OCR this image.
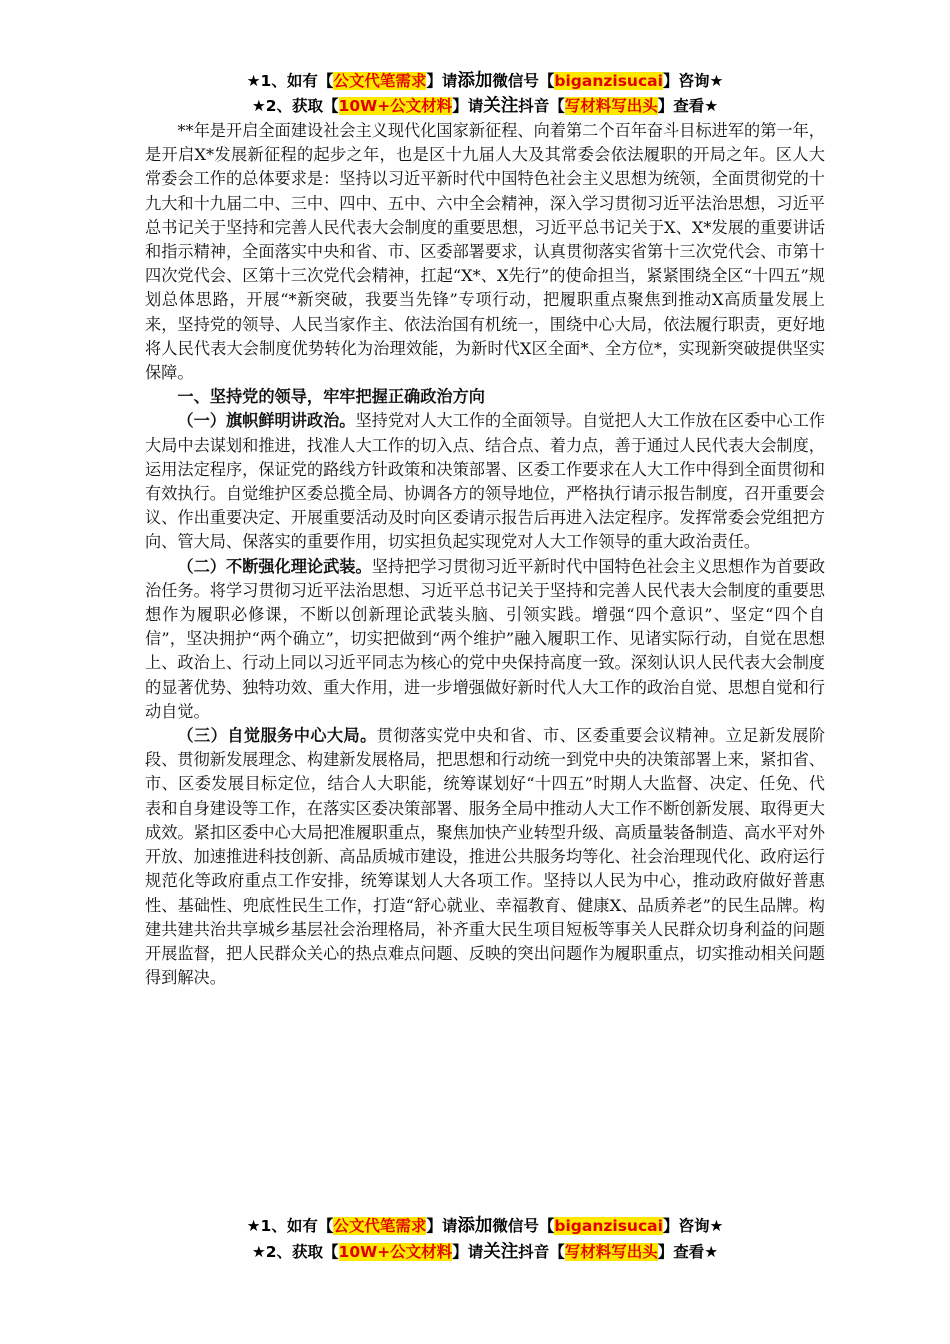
★1、如有【公文代笔需求】请添加微信号【biganzisucai】咨询★
★2、获取【10W+公文材料】请关注抖音【写材料写出头】查看★

**年是开启全面建设社会主义现代化国家新征程、向着第二个百年奋斗目标进军的第一年，是开启X*发展新征程的起步之年，也是区十九届人大及其常委会依法履职的开局之年。区人大常委会工作的总体要求是：坚持以习近平新时代中国特色社会主义思想为统领，全面贯彻党的十九大和十九届二中、三中、四中、五中、六中全会精神，深入学习贯彻习近平法治思想，习近平总书记关于坚持和完善人民代表大会制度的重要思想，习近平总书记关于X、X*发展的重要讲话和指示精神，全面落实中央和省、市、区委部署要求，认真贯彻落实省第十三次党代会、市第十四次党代会、区第十三次党代会精神，扛起“X*、X先行”的使命担当，紧紧围绕全区“十四五”规划总体思路，开展“*新突破，我要当先锋”专项行动，把履职重点聚焦到推动X高质量发展上来，坚持党的领导、人民当家作主、依法治国有机统一，围绕中心大局，依法履行职责，更好地将人民代表大会制度优势转化为治理效能，为新时代X区全面*、全方位*，实现新突破提供坚实保障。

一、坚持党的领导，牢牢把握正确政治方向

（一）旗帜鲜明讲政治。坚持党对人大工作的全面领导。自觉把人大工作放在区委中心工作大局中去谋划和推进，找准人大工作的切入点、结合点、着力点，善于通过人民代表大会制度，运用法定程序，保证党的路线方针政策和决策部署、区委工作要求在人大工作中得到全面贯彻和有效执行。自觉维护区委总揽全局、协调各方的领导地位，严格执行请示报告制度，召开重要会议、作出重要决定、开展重要活动及时向区委请示报告后再进入法定程序。发挥常委会党组把方向、管大局、保落实的重要作用，切实担负起实现党对人大工作领导的重大政治责任。

（二）不断强化理论武装。坚持把学习贯彻习近平新时代中国特色社会主义思想作为首要政治任务。将学习贯彻习近平法治思想、习近平总书记关于坚持和完善人民代表大会制度的重要思想作为履职必修课，不断以创新理论武装头脑、引领实践。增强“四个意识”、坚定“四个自信”，坚决拥护“两个确立”，切实把做到“两个维护”融入履职工作、见诸实际行动，自觉在思想上、政治上、行动上同以习近平同志为核心的党中央保持高度一致。深刻认识人民代表大会制度的显著优势、独特功效、重大作用，进一步增强做好新时代人大工作的政治自觉、思想自觉和行动自觉。

（三）自觉服务中心大局。贯彻落实党中央和省、市、区委重要会议精神。立足新发展阶段、贯彻新发展理念、构建新发展格局，把思想和行动统一到党中央的决策部署上来，紧扣省、市、区委发展目标定位，结合人大职能，统筹谋划好“十四五”时期人大监督、决定、任免、代表和自身建设等工作，在落实区委决策部署、服务全局中推动人大工作不断创新发展、取得更大成效。紧扣区委中心大局把准履职重点，聚焦加快产业转型升级、高质量装备制造、高水平对外开放、加速推进科技创新、高品质城市建设，推进公共服务均等化、社会治理现代化、政府运行规范化等政府重点工作安排，统筹谋划人大各项工作。坚持以人民为中心，推动政府做好普惠性、基础性、兜底性民生工作，打造“舒心就业、幸福教育、健康X、品质养老”的民生品牌。构建共建共治共享城乡基层社会治理格局，补齐重大民生项目短板等事关人民群众切身利益的问题开展监督，把人民群众关心的热点难点问题、反映的突出问题作为履职重点，切实推动相关问题得到解决。

★1、如有【公文代笔需求】请添加微信号【biganzisucai】咨询★
★2、获取【10W+公文材料】请关注抖音【写材料写出头】查看★
